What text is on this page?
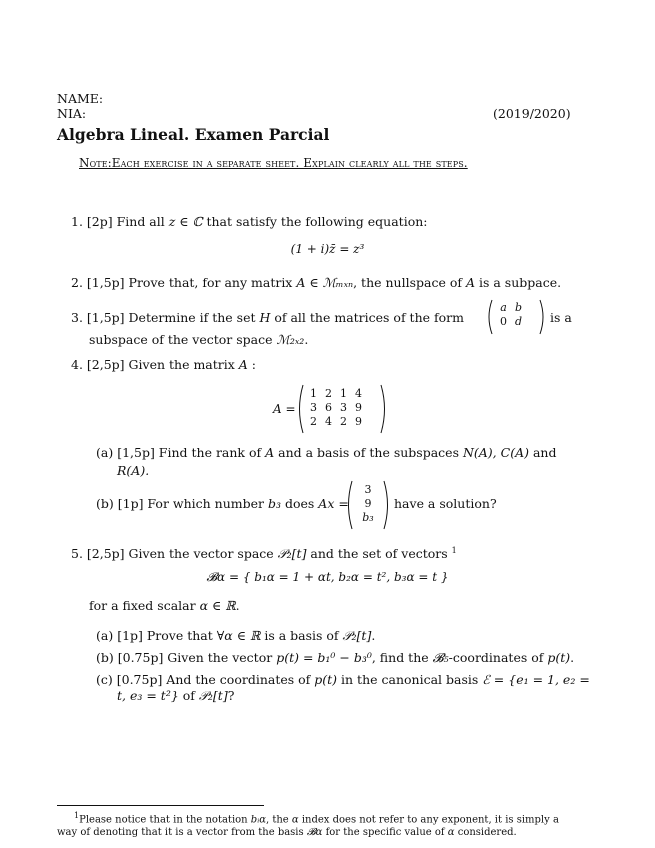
NAME:
NIA:	(2019/2020)
Algebra Lineal. Examen Parcial
Note:Each exercise in a separate sheet. Explain clearly all the steps.
1. [2p] Find all z ∈ ℂ that satisfy the following equation:
(1 + i)z̄ = z³
2. [1,5p] Prove that, for any matrix A ∈ ℳₘₓₙ, the nullspace of A is a subpace.
3. [1,5p] Determine if the set H of all the matrices of the form
a	b
0	d is a
subspace of the vector space ℳ₂ₓ₂.
4. [2,5p] Given the matrix A :
A =
1	2	1	4
3	6	3	9
2	4	2	9
(a) [1,5p] Find the rank of A and a basis of the subspaces N(A), C(A) and
R(A).
(b) [1p] For which number b₃ does Ax =
3
9
b₃
have a solution?
5. [2,5p] Given the vector space 𝒫₂[t] and the set of vectors $^1$
𝓑α = { b₁α = 1 + αt, b₂α = t², b₃α = t }
for a fixed scalar α ∈ ℝ.
(a) [1p] Prove that ∀α ∈ ℝ is a basis of 𝒫₂[t].
(b) [0.75p] Given the vector p(t) = b₁⁰ − b₃⁰, find the 𝓑₅-coordinates of p(t).
(c) [0.75p] And the coordinates of p(t) in the canonical basis ℰ = {e₁ = 1, e₂ =
t, e₃ = t²} of 𝒫₂[t]?
$^1$Please notice that in the notation bᵢα, the α index does not refer to any exponent, it is simply a
way of denoting that it is a vector from the basis 𝓑α for the specific value of α considered.
